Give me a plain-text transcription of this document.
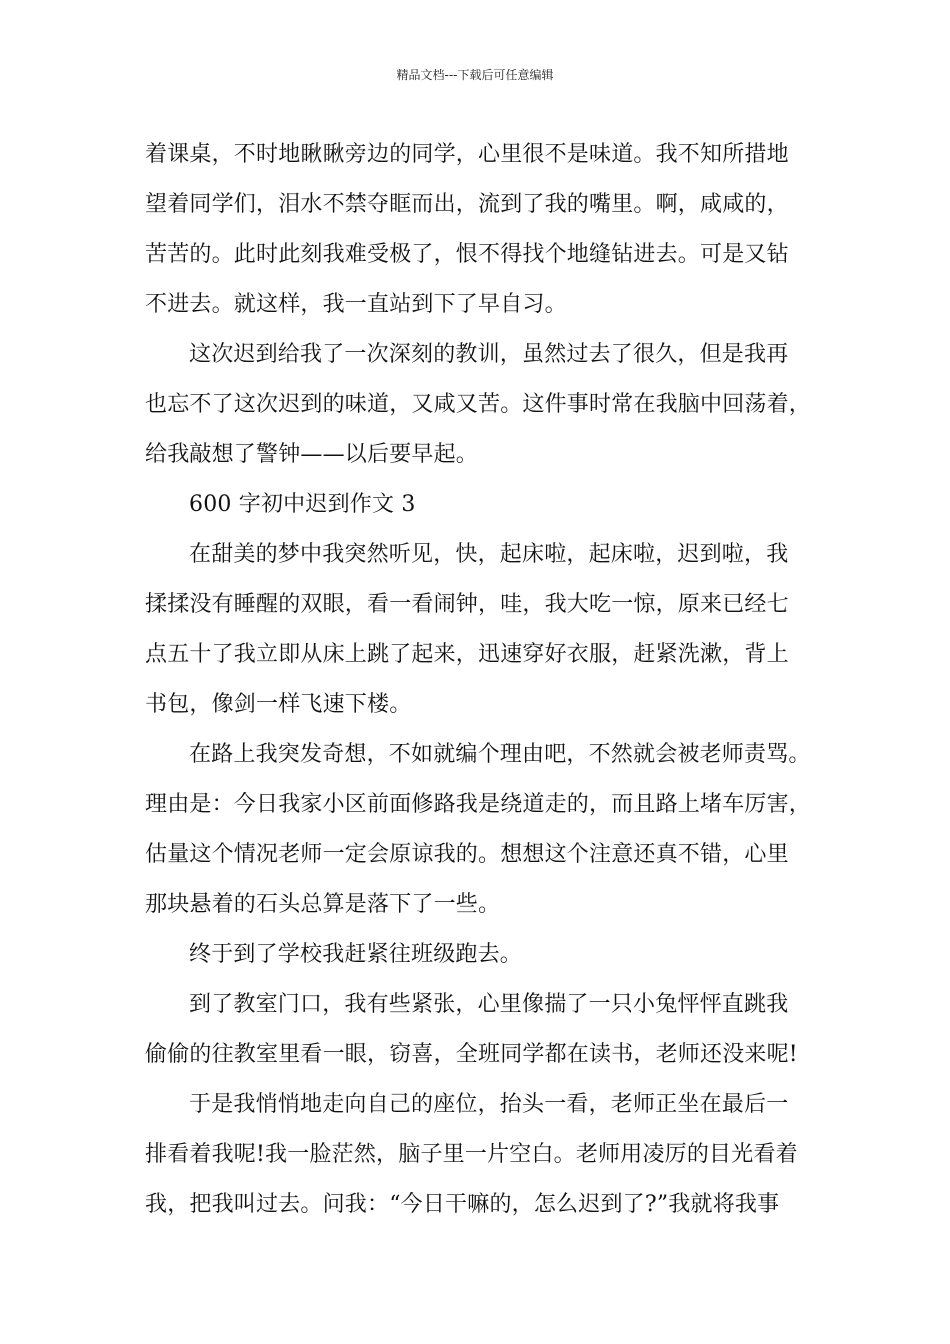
精品文档---下载后可任意编辑
着课桌，不时地瞅瞅旁边的同学，心里很不是味道。我不知所措地
望着同学们，泪水不禁夺眶而出，流到了我的嘴里。啊，咸咸的，
苦苦的。此时此刻我难受极了，恨不得找个地缝钻进去。可是又钻
不进去。就这样，我一直站到下了早自习。
这次迟到给我了一次深刻的教训，虽然过去了很久，但是我再
也忘不了这次迟到的味道，又咸又苦。这件事时常在我脑中回荡着，
给我敲想了警钟——以后要早起。
600 字初中迟到作文 3
在甜美的梦中我突然听见，快，起床啦，起床啦，迟到啦，我
揉揉没有睡醒的双眼，看一看闹钟，哇，我大吃一惊，原来已经七
点五十了我立即从床上跳了起来，迅速穿好衣服，赶紧洗漱，背上
书包，像剑一样飞速下楼。
在路上我突发奇想，不如就编个理由吧，不然就会被老师责骂。
理由是：今日我家小区前面修路我是绕道走的，而且路上堵车厉害，
估量这个情况老师一定会原谅我的。想想这个注意还真不错，心里
那块悬着的石头总算是落下了一些。
终于到了学校我赶紧往班级跑去。
到了教室门口，我有些紧张，心里像揣了一只小兔怦怦直跳我
偷偷的往教室里看一眼，窃喜，全班同学都在读书，老师还没来呢!
于是我悄悄地走向自己的座位，抬头一看，老师正坐在最后一
排看着我呢!我一脸茫然，脑子里一片空白。老师用凌厉的目光看着
我，把我叫过去。问我：“今日干嘛的，怎么迟到了?”我就将我事
